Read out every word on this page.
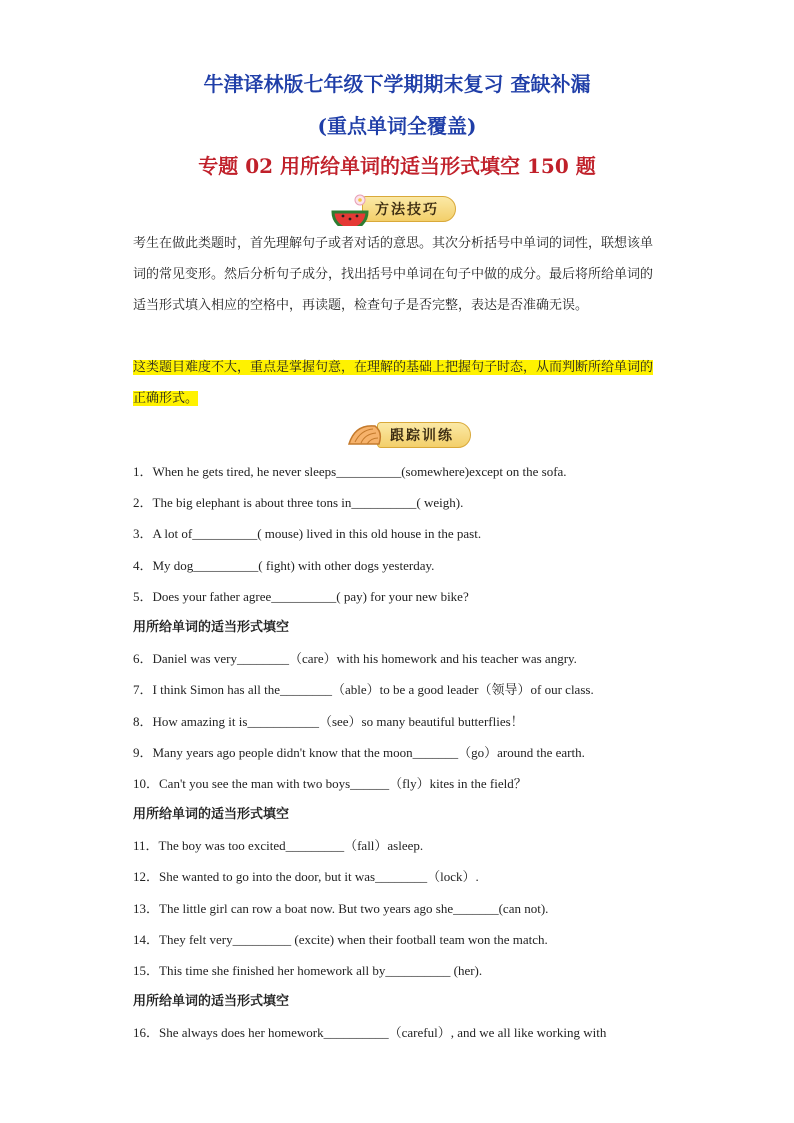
牛津译林版七年级下学期期末复习 查缺补漏
(重点单词全覆盖)
专题 02 用所给单词的适当形式填空 150 题
方法技巧
考生在做此类题时，首先理解句子或者对话的意思。其次分析括号中单词的词性，联想该单词的常见变形。然后分析句子成分，找出括号中单词在句子中做的成分。最后将所给单词的适当形式填入相应的空格中，再读题，检查句子是否完整，表达是否准确无误。
这类题目难度不大，重点是掌握句意，在理解的基础上把握句子时态，从而判断所给单词的正确形式。
跟踪训练
1．When he gets tired, he never sleeps__________(somewhere)except on the sofa.
2．The big elephant is about three tons in__________( weigh).
3．A lot of__________( mouse) lived in this old house in the past.
4．My dog__________( fight) with other dogs yesterday.
5．Does your father agree__________( pay) for your new bike?
用所给单词的适当形式填空
6．Daniel was very________（care）with his homework and his teacher was angry.
7．I think Simon has all the________（able）to be a good leader（领导）of our class.
8．How amazing it is___________（see）so many beautiful butterflies！
9．Many years ago people didn't know that the moon_______（go）around the earth.
10．Can't you see the man with two boys______（fly）kites in the field？
用所给单词的适当形式填空
11．The boy was too excited_________（fall）asleep.
12．She wanted to go into the door, but it was________（lock）.
13．The little girl can row a boat now. But two years ago she_______(can not).
14．They felt very_________ (excite) when their football team won the match.
15．This time she finished her homework all by__________ (her).
用所给单词的适当形式填空
16．She always does her homework__________（careful）, and we all like working with
